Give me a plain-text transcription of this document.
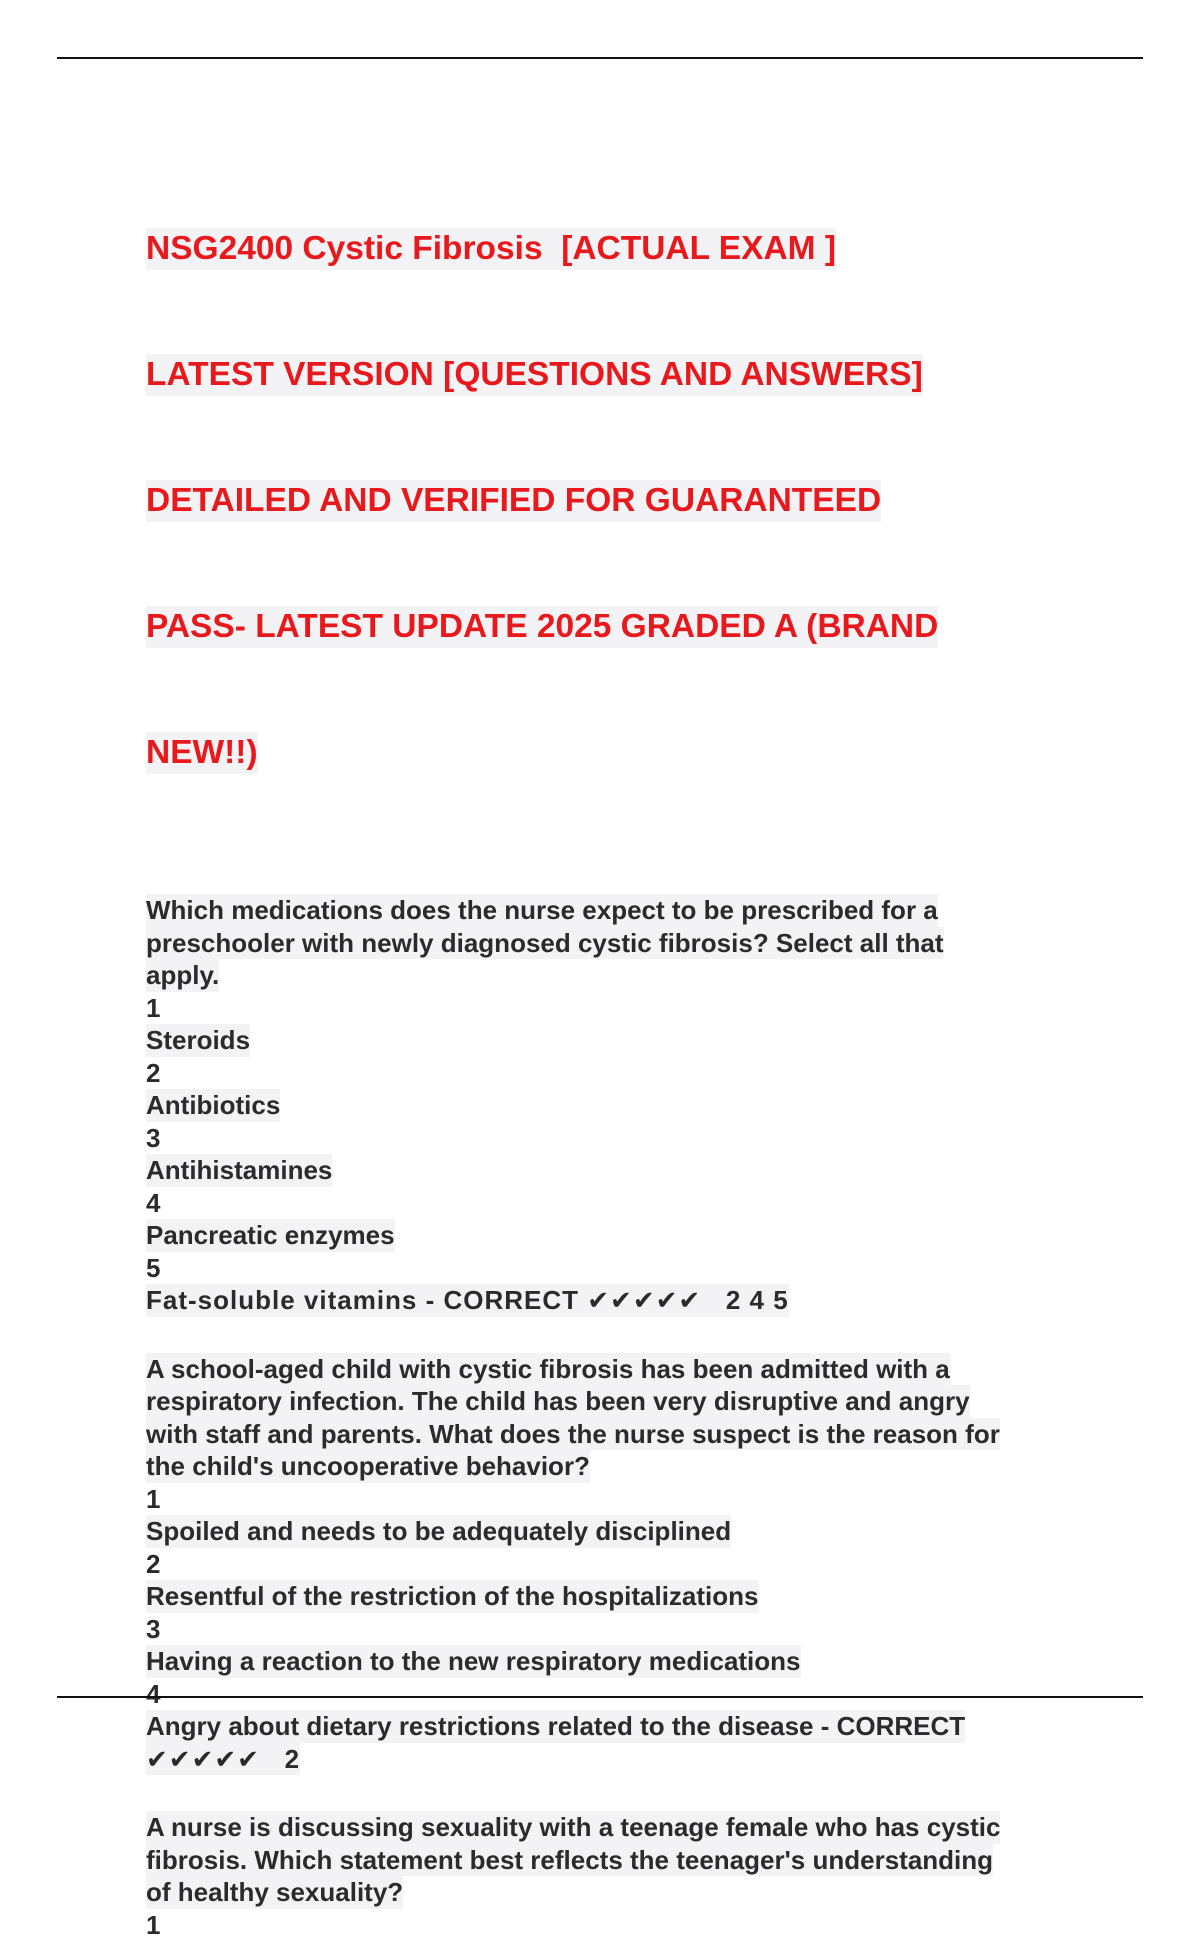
NSG2400 Cystic Fibrosis  [ACTUAL EXAM ]

LATEST VERSION [QUESTIONS AND ANSWERS]

DETAILED AND VERIFIED FOR GUARANTEED

PASS- LATEST UPDATE 2025 GRADED A (BRAND

NEW!!)

Which medications does the nurse expect to be prescribed for a
preschooler with newly diagnosed cystic fibrosis? Select all that
apply.
1
Steroids
2
Antibiotics
3
Antihistamines
4
Pancreatic enzymes
5
Fat-soluble vitamins - CORRECT ✔✔✔✔✔   2 4 5
A school-aged child with cystic fibrosis has been admitted with a
respiratory infection. The child has been very disruptive and angry
with staff and parents. What does the nurse suspect is the reason for
the child's uncooperative behavior?
1
Spoiled and needs to be adequately disciplined
2
Resentful of the restriction of the hospitalizations
3
Having a reaction to the new respiratory medications
4
Angry about dietary restrictions related to the disease - CORRECT
✔✔✔✔✔   2
A nurse is discussing sexuality with a teenage female who has cystic
fibrosis. Which statement best reflects the teenager's understanding
of healthy sexuality?
1
